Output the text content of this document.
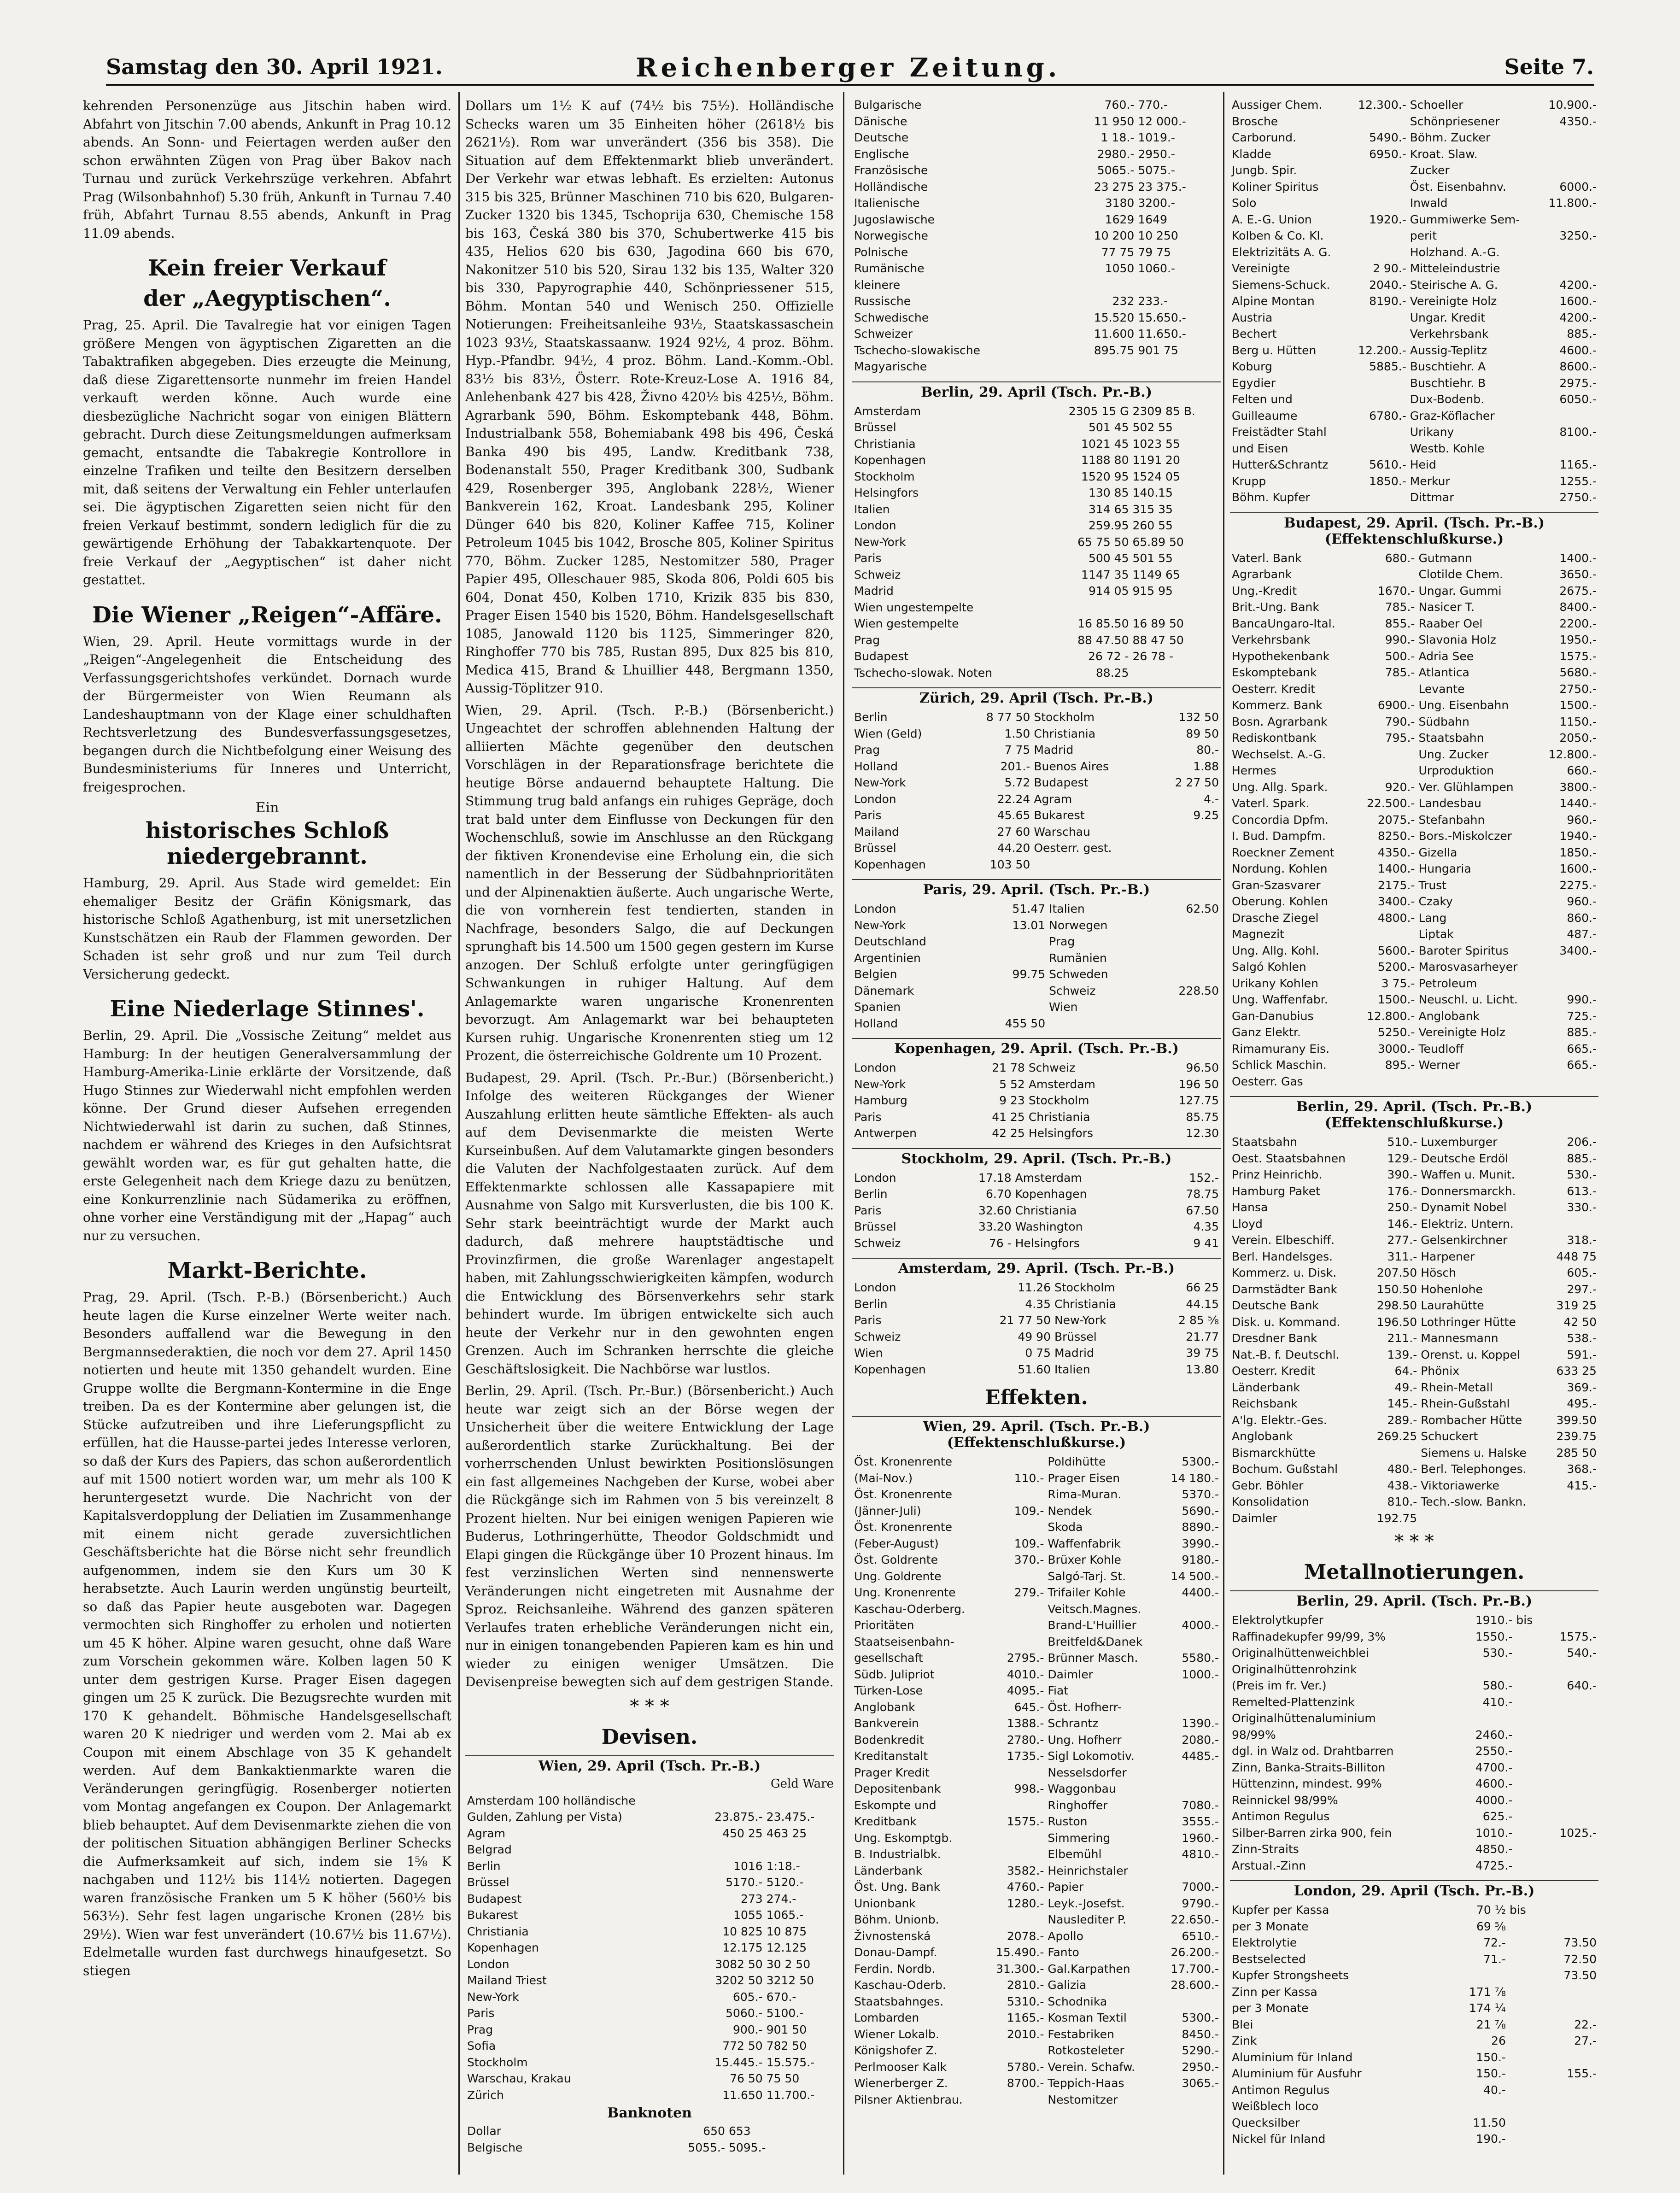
Samstag den 30. April 1921.	Reichenberger Zeitung.	Seite 7.

kehrenden Personenzüge aus Jitschin haben wird. Abfahrt von Jitschin 7.00 abends, Ankunft in Prag 10.12 abends. An Sonn- und Feiertagen werden außer den schon erwähnten Zügen von Prag über Bakov nach Turnau und zurück Verkehrszüge verkehren. Abfahrt Prag (Wilsonbahnhof) 5.30 früh, Ankunft in Turnau 7.40 früh, Abfahrt Turnau 8.55 abends, Ankunft in Prag 11.09 abends.

Kein freier Verkauf
der „Aegyptischen“.

Prag, 25. April. Die Tavalregie hat vor einigen Tagen größere Mengen von ägyptischen Zigaretten an die Tabaktrafiken abgegeben. Dies erzeugte die Meinung, daß diese Zigarettensorte nunmehr im freien Handel verkauft werden könne. Auch wurde eine diesbezügliche Nachricht sogar von einigen Blättern gebracht. Durch diese Zeitungsmeldungen aufmerksam gemacht, entsandte die Tabakregie Kontrollore in einzelne Trafiken und teilte den Besitzern derselben mit, daß seitens der Verwaltung ein Fehler unterlaufen sei. Die ägyptischen Zigaretten seien nicht für den freien Verkauf bestimmt, sondern lediglich für die zu gewärtigende Erhöhung der Tabakkartenquote. Der freie Verkauf der „Aegyptischen“ ist daher nicht gestattet.

Die Wiener „Reigen“-Affäre.

Wien, 29. April. Heute vormittags wurde in der „Reigen“-Angelegenheit die Entscheidung des Verfassungsgerichtshofes verkündet. Dornach wurde der Bürgermeister von Wien Reumann als Landeshauptmann von der Klage einer schuldhaften Rechtsverletzung des Bundesverfassungsgesetzes, begangen durch die Nichtbefolgung einer Weisung des Bundesministeriums für Inneres und Unterricht, freigesprochen.

Ein
historisches Schloß niedergebrannt.

Hamburg, 29. April. Aus Stade wird gemeldet: Ein ehemaliger Besitz der Gräfin Königsmark, das historische Schloß Agathenburg, ist mit unersetzlichen Kunstschätzen ein Raub der Flammen geworden. Der Schaden ist sehr groß und nur zum Teil durch Versicherung gedeckt.

Eine Niederlage Stinnes'.

Berlin, 29. April. Die „Vossische Zeitung“ meldet aus Hamburg: In der heutigen Generalversammlung der Hamburg-Amerika-Linie erklärte der Vorsitzende, daß Hugo Stinnes zur Wiederwahl nicht empfohlen werden könne. Der Grund dieser Aufsehen erregenden Nichtwiederwahl ist darin zu suchen, daß Stinnes, nachdem er während des Krieges in den Aufsichtsrat gewählt worden war, es für gut gehalten hatte, die erste Gelegenheit nach dem Kriege dazu zu benützen, eine Konkurrenzlinie nach Südamerika zu eröffnen, ohne vorher eine Verständigung mit der „Hapag“ auch nur zu versuchen.

Markt-Berichte.

Prag, 29. April. (Tsch. P.-B.) (Börsenbericht.) Auch heute lagen die Kurse einzelner Werte weiter nach. Besonders auffallend war die Bewegung in den Bergmannsederaktien, die noch vor dem 27. April 1450 notierten und heute mit 1350 gehandelt wurden. Eine Gruppe wollte die Bergmann-Kontermine in die Enge treiben. Da es der Kontermine aber gelungen ist, die Stücke aufzutreiben und ihre Lieferungspflicht zu erfüllen, hat die Hausse-partei jedes Interesse verloren, so daß der Kurs des Papiers, das schon außerordentlich auf mit 1500 notiert worden war, um mehr als 100 K heruntergesetzt wurde. Die Nachricht von der Kapitalsverdopplung der Deliatien im Zusammenhange mit einem nicht gerade zuversichtlichen Geschäftsberichte hat die Börse nicht sehr freundlich aufgenommen, indem sie den Kurs um 30 K herabsetzte. Auch Laurin werden ungünstig beurteilt, so daß das Papier heute ausgeboten war. Dagegen vermochten sich Ringhoffer zu erholen und notierten um 45 K höher. Alpine waren gesucht, ohne daß Ware zum Vorschein gekommen wäre. Kolben lagen 50 K unter dem gestrigen Kurse. Prager Eisen dagegen gingen um 25 K zurück. Die Bezugsrechte wurden mit 170 K gehandelt. Böhmische Handelsgesellschaft waren 20 K niedriger und werden vom 2. Mai ab ex Coupon mit einem Abschlage von 35 K gehandelt werden. Auf dem Bankaktienmarkte waren die Veränderungen geringfügig. Rosenberger notierten vom Montag angefangen ex Coupon. Der Anlagemarkt blieb behauptet. Auf dem Devisenmarkte ziehen die von der politischen Situation abhängigen Berliner Schecks die Aufmerksamkeit auf sich, indem sie 1⅝ K nachgaben und 112½ bis 114½ notierten. Dagegen waren französische Franken um 5 K höher (560½ bis 563½). Sehr fest lagen ungarische Kronen (28½ bis 29½). Wien war fest unverändert (10.67½ bis 11.67½). Edelmetalle wurden fast durchwegs hinaufgesetzt. So stiegen

Dollars um 1½ K auf (74½ bis 75½). Holländische Schecks waren um 35 Einheiten höher (2618½ bis 2621½). Rom war unverändert (356 bis 358). Die Situation auf dem Effektenmarkt blieb unverändert. Der Verkehr war etwas lebhaft. Es erzielten: Autonus 315 bis 325, Brünner Maschinen 710 bis 620, Bulgaren-Zucker 1320 bis 1345, Tschoprija 630, Chemische 158 bis 163, Česká 380 bis 370, Schubertwerke 415 bis 435, Helios 620 bis 630, Jagodina 660 bis 670, Nakonitzer 510 bis 520, Sirau 132 bis 135, Walter 320 bis 330, Papyrographie 440, Schönpriessener 515, Böhm. Montan 540 und Wenisch 250. Offizielle Notierungen: Freiheitsanleihe 93½, Staatskassaschein 1023 93½, Staatskassaanw. 1924 92½, 4 proz. Böhm. Hyp.-Pfandbr. 94½, 4 proz. Böhm. Land.-Komm.-Obl. 83½ bis 83½, Österr. Rote-Kreuz-Lose A. 1916 84, Anlehenbank 427 bis 428, Živno 420½ bis 425½, Böhm. Agrarbank 590, Böhm. Eskomptebank 448, Böhm. Industrialbank 558, Bohemiabank 498 bis 496, Česká Banka 490 bis 495, Landw. Kreditbank 738, Bodenanstalt 550, Prager Kreditbank 300, Sudbank 429, Rosenberger 395, Anglobank 228½, Wiener Bankverein 162, Kroat. Landesbank 295, Koliner Dünger 640 bis 820, Koliner Kaffee 715, Koliner Petroleum 1045 bis 1042, Brosche 805, Koliner Spiritus 770, Böhm. Zucker 1285, Nestomitzer 580, Prager Papier 495, Olleschauer 985, Skoda 806, Poldi 605 bis 604, Donat 450, Kolben 1710, Krizik 835 bis 830, Prager Eisen 1540 bis 1520, Böhm. Handelsgesellschaft 1085, Janowald 1120 bis 1125, Simmeringer 820, Ringhoffer 770 bis 785, Rustan 895, Dux 825 bis 810, Medica 415, Brand & Lhuillier 448, Bergmann 1350, Aussig-Töplitzer 910.

Wien, 29. April. (Tsch. P.-B.) (Börsenbericht.) Ungeachtet der schroffen ablehnenden Haltung der alliierten Mächte gegenüber den deutschen Vorschlägen in der Reparationsfrage berichtete die heutige Börse andauernd behauptete Haltung. Die Stimmung trug bald anfangs ein ruhiges Gepräge, doch trat bald unter dem Einflusse von Deckungen für den Wochenschluß, sowie im Anschlusse an den Rückgang der fiktiven Kronendevise eine Erholung ein, die sich namentlich in der Besserung der Südbahnprioritäten und der Alpinenaktien äußerte. Auch ungarische Werte, die von vornherein fest tendierten, standen in Nachfrage, besonders Salgo, die auf Deckungen sprunghaft bis 14.500 um 1500 gegen gestern im Kurse anzogen. Der Schluß erfolgte unter geringfügigen Schwankungen in ruhiger Haltung. Auf dem Anlagemarkte waren ungarische Kronenrenten bevorzugt. Am Anlagemarkt war bei behaupteten Kursen ruhig. Ungarische Kronenrenten stieg um 12 Prozent, die österreichische Goldrente um 10 Prozent.

Budapest, 29. April. (Tsch. Pr.-Bur.) (Börsenbericht.) Infolge des weiteren Rückganges der Wiener Auszahlung erlitten heute sämtliche Effekten- als auch auf dem Devisenmarkte die meisten Werte Kurseinbußen. Auf dem Valutamarkte gingen besonders die Valuten der Nachfolgestaaten zurück. Auf dem Effektenmarkte schlossen alle Kassapapiere mit Ausnahme von Salgo mit Kursverlusten, die bis 100 K. Sehr stark beeinträchtigt wurde der Markt auch dadurch, daß mehrere hauptstädtische und Provinzfirmen, die große Warenlager angestapelt haben, mit Zahlungsschwierigkeiten kämpfen, wodurch die Entwicklung des Börsenverkehrs sehr stark behindert wurde. Im übrigen entwickelte sich auch heute der Verkehr nur in den gewohnten engen Grenzen. Auch im Schranken herrschte die gleiche Geschäftslosigkeit. Die Nachbörse war lustlos.

Berlin, 29. April. (Tsch. Pr.-Bur.) (Börsenbericht.) Auch heute war zeigt sich an der Börse wegen der Unsicherheit über die weitere Entwicklung der Lage außerordentlich starke Zurückhaltung. Bei der vorherrschenden Unlust bewirkten Positionslösungen ein fast allgemeines Nachgeben der Kurse, wobei aber die Rückgänge sich im Rahmen von 5 bis vereinzelt 8 Prozent hielten. Nur bei einigen wenigen Papieren wie Buderus, Lothringerhütte, Theodor Goldschmidt und Elapi gingen die Rückgänge über 10 Prozent hinaus. Im fest verzinslichen Werten sind nennenswerte Veränderungen nicht eingetreten mit Ausnahme der Sproz. Reichsanleihe. Während des ganzen späteren Verlaufes traten erhebliche Veränderungen nicht ein, nur in einigen tonangebenden Papieren kam es hin und wieder zu einigen weniger Umsätzen. Die Devisenpreise bewegten sich auf dem gestrigen Stande.

* * *
Devisen.
Wien, 29. April (Tsch. Pr.-B.)
Geld Ware
Amsterdam 100 holländische		
Gulden, Zahlung per Vista)	23.875.-	23.475.-
Agram	450 25	463 25
Belgrad		
Berlin	1016	1:18.-
Brüssel	5170.-	5120.-
Budapest	273	274.-
Bukarest	1055	1065.-
Christiania	10 825	10 875
Kopenhagen	12.175	12.125
London	3082 50	30 2 50
Mailand Triest	3202 50	3212 50
New-York	605.-	670.-
Paris	5060.-	5100.-
Prag	900.-	901 50
Sofia	772 50	782 50
Stockholm	15.445.-	15.575.-
Warschau, Krakau	76 50	75 50
Zürich	11.650	11.700.-
Banknoten
Dollar	650	653
Belgische	5055.-	5095.-
Bulgarische	760.-	770.-
Dänische	11 950	12 000.-
Deutsche	1 18.-	1019.-
Englische	2980.-	2950.-
Französische	5065.-	5075.-
Holländische	23 275	23 375.-
Italienische	3180	3200.-
Jugoslawische	1629	1649
Norwegische	10 200	10 250
Polnische	77 75	79 75
Rumänische	1050	1060.-
kleinere		
Russische	232	233.-
Schwedische	15.520	15.650.-
Schweizer	11.600	11.650.-
Tschecho-slowakische	895.75	901 75
Magyarische		
Berlin, 29. April (Tsch. Pr.-B.)
Amsterdam	2305 15 G	2309 85 B.
Brüssel	501 45	502 55
Christiania	1021 45	1023 55
Kopenhagen	1188 80	1191 20
Stockholm	1520 95	1524 05
Helsingfors	130 85	140.15
Italien	314 65	315 35
London	259.95	260 55
New-York	65 75 50	65.89 50
Paris	500 45	501 55
Schweiz	1147 35	1149 65
Madrid	914 05	915 95
Wien ungestempelte		
Wien gestempelte	16 85.50	16 89 50
Prag	88 47.50	88 47 50
Budapest	26 72 -	26 78 -
Tschecho-slowak. Noten	88.25	
Zürich, 29. April (Tsch. Pr.-B.)
Berlin	8 77 50	Stockholm	132 50
Wien (Geld)	1.50	Christiania	89 50
Prag	7 75	Madrid	80.-
Holland	201.-	Buenos Aires	1.88
New-York	5.72	Budapest	2 27 50
London	22.24	Agram	4.-
Paris	45.65	Bukarest	9.25
Mailand	27 60	Warschau	
Brüssel	44.20	Oesterr. gest.	
Kopenhagen	103 50		
Paris, 29. April. (Tsch. Pr.-B.)
London	51.47	Italien	62.50
New-York	13.01	Norwegen	
Deutschland		Prag	
Argentinien		Rumänien	
Belgien	99.75	Schweden	
Dänemark		Schweiz	228.50
Spanien		Wien	
Holland	455 50		
Kopenhagen, 29. April. (Tsch. Pr.-B.)
London	21 78	Schweiz	96.50
New-York	5 52	Amsterdam	196 50
Hamburg	9 23	Stockholm	127.75
Paris	41 25	Christiania	85.75
Antwerpen	42 25	Helsingfors	12.30
Stockholm, 29. April. (Tsch. Pr.-B.)
London	17.18	Amsterdam	152.-
Berlin	6.70	Kopenhagen	78.75
Paris	32.60	Christiania	67.50
Brüssel	33.20	Washington	4.35
Schweiz	76 -	Helsingfors	9 41
Amsterdam, 29. April. (Tsch. Pr.-B.)
London	11.26	Stockholm	66 25
Berlin	4.35	Christiania	44.15
Paris	21 77 50	New-York	2 85 ⅝
Schweiz	49 90	Brüssel	21.77
Wien	0 75	Madrid	39 75
Kopenhagen	51.60	Italien	13.80
Effekten.
Wien, 29. April. (Tsch. Pr.-B.) (Effektenschlußkurse.)
Öst. Kronenrente		Poldihütte	5300.-
(Mai-Nov.)	110.-	Prager Eisen	14 180.-
Öst. Kronenrente		Rima-Muran.	5370.-
(Jänner-Juli)	109.-	Nendek	5690.-
Öst. Kronenrente		Skoda	8890.-
(Feber-August)	109.-	Waffenfabrik	3990.-
Öst. Goldrente	370.-	Brüxer Kohle	9180.-
Ung. Goldrente		Salgó-Tarj. St.	14 500.-
Ung. Kronenrente	279.-	Trifailer Kohle	4400.-
Kaschau-Oderberg.		Veitsch.Magnes.	
Prioritäten		Brand-L'Huillier	4000.-
Staatseisenbahn-		Breitfeld&Danek	
gesellschaft	2795.-	Brünner Masch.	5580.-
Südb. Julipriot	4010.-	Daimler	1000.-
Türken-Lose	4095.-	Fiat	
Anglobank	645.-	Öst. Hofherr-	
Bankverein	1388.-	Schrantz	1390.-
Bodenkredit	2780.-	Ung. Hofherr	2080.-
Kreditanstalt	1735.-	Sigl Lokomotiv.	4485.-
Prager Kredit		Nesselsdorfer	
Depositenbank	998.-	Waggonbau	
Eskompte und		Ringhoffer	7080.-
Kreditbank	1575.-	Ruston	3555.-
Ung. Eskomptgb.		Simmering	1960.-
B. Industrialbk.		Elbemühl	4810.-
Länderbank	3582.-	Heinrichstaler	
Öst. Ung. Bank	4760.-	Papier	7000.-
Unionbank	1280.-	Leyk.-Josefst.	9790.-
Böhm. Unionb.		Nauslediter P.	22.650.-
Živnostenská	2078.-	Apollo	6510.-
Donau-Dampf.	15.490.-	Fanto	26.200.-
Ferdin. Nordb.	31.300.-	Gal.Karpathen	17.700.-
Kaschau-Oderb.	2810.-	Galizia	28.600.-
Staatsbahnges.	5310.-	Schodnika	
Lombarden	1165.-	Kosman Textil	5300.-
Wiener Lokalb.	2010.-	Festabriken	8450.-
Königshofer Z.		Rotkosteleter	5290.-
Perlmooser Kalk	5780.-	Verein. Schafw.	2950.-
Wienerberger Z.	8700.-	Teppich-Haas	3065.-
Pilsner Aktienbrau.		Nestomitzer	
Aussiger Chem.	12.300.-	Schoeller	10.900.-
Brosche		Schönpriesener	4350.-
Carborund.	5490.-	Böhm. Zucker	
Kladde	6950.-	Kroat. Slaw.	
Jungb. Spir.		Zucker	
Koliner Spiritus		Öst. Eisenbahnv.	6000.-
Solo		Inwald	11.800.-
A. E.-G. Union	1920.-	Gummiwerke Sem-	
Kolben & Co. Kl.		perit	3250.-
Elektrizitäts A. G.		Holzhand. A.-G.	
Vereinigte	2 90.-	Mitteleindustrie	
Siemens-Schuck.	2040.-	Steirische A. G.	4200.-
Alpine Montan	8190.-	Vereinigte Holz	1600.-
Austria		Ungar. Kredit	4200.-
Bechert		Verkehrsbank	885.-
Berg u. Hütten	12.200.-	Aussig-Teplitz	4600.-
Koburg	5885.-	Buschtiehr. A	8600.-
Egydier		Buschtiehr. B	2975.-
Felten und		Dux-Bodenb.	6050.-
Guilleaume	6780.-	Graz-Köflacher	
Freistädter Stahl		Urikany	8100.-
und Eisen		Westb. Kohle	
Hutter&Schrantz	5610.-	Heid	1165.-
Krupp	1850.-	Merkur	1255.-
Böhm. Kupfer		Dittmar	2750.-
Budapest, 29. April. (Tsch. Pr.-B.) (Effektenschlußkurse.)
Vaterl. Bank	680.-	Gutmann	1400.-
Agrarbank		Clotilde Chem.	3650.-
Ung.-Kredit	1670.-	Ungar. Gummi	2675.-
Brit.-Ung. Bank	785.-	Nasicer T.	8400.-
BancaUngaro-Ital.	855.-	Raaber Oel	2200.-
Verkehrsbank	990.-	Slavonia Holz	1950.-
Hypothekenbank	500.-	Adria See	1575.-
Eskomptebank	785.-	Atlantica	5680.-
Oesterr. Kredit		Levante	2750.-
Kommerz. Bank	6900.-	Ung. Eisenbahn	1500.-
Bosn. Agrarbank	790.-	Südbahn	1150.-
Rediskontbank	795.-	Staatsbahn	2050.-
Wechselst. A.-G.		Ung. Zucker	12.800.-
Hermes		Urproduktion	660.-
Ung. Allg. Spark.	920.-	Ver. Glühlampen	3800.-
Vaterl. Spark.	22.500.-	Landesbau	1440.-
Concordia Dpfm.	2075.-	Stefanbahn	960.-
I. Bud. Dampfm.	8250.-	Bors.-Miskolczer	1940.-
Roeckner Zement	4350.-	Gizella	1850.-
Nordung. Kohlen	1400.-	Hungaria	1600.-
Gran-Szasvarer	2175.-	Trust	2275.-
Oberung. Kohlen	3400.-	Czaky	960.-
Drasche Ziegel	4800.-	Lang	860.-
Magnezit		Liptak	487.-
Ung. Allg. Kohl.	5600.-	Baroter Spiritus	3400.-
Salgó Kohlen	5200.-	Marosvasarheyer	
Urikany Kohlen	3 75.-	Petroleum	
Ung. Waffenfabr.	1500.-	Neuschl. u. Licht.	990.-
Gan-Danubius	12.800.-	Anglobank	725.-
Ganz Elektr.	5250.-	Vereinigte Holz	885.-
Rimamurany Eis.	3000.-	Teudloff	665.-
Schlick Maschin.	895.-	Werner	665.-
Oesterr. Gas			
Berlin, 29. April. (Tsch. Pr.-B.) (Effektenschlußkurse.)
Staatsbahn	510.-	Luxemburger	206.-
Oest. Staatsbahnen	129.-	Deutsche Erdöl	885.-
Prinz Heinrichb.	390.-	Waffen u. Munit.	530.-
Hamburg Paket	176.-	Donnersmarckh.	613.-
Hansa	250.-	Dynamit Nobel	330.-
Lloyd	146.-	Elektriz. Untern.	
Verein. Elbeschiff.	277.-	Gelsenkirchner	318.-
Berl. Handelsges.	311.-	Harpener	448 75
Kommerz. u. Disk.	207.50	Hösch	605.-
Darmstädter Bank	150.50	Hohenlohe	297.-
Deutsche Bank	298.50	Laurahütte	319 25
Disk. u. Kommand.	196.50	Lothringer Hütte	42 50
Dresdner Bank	211.-	Mannesmann	538.-
Nat.-B. f. Deutschl.	139.-	Orenst. u. Koppel	591.-
Oesterr. Kredit	64.-	Phönix	633 25
Länderbank	49.-	Rhein-Metall	369.-
Reichsbank	145.-	Rhein-Gußstahl	495.-
A'lg. Elektr.-Ges.	289.-	Rombacher Hütte	399.50
Anglobank	269.25	Schuckert	239.75
Bismarckhütte		Siemens u. Halske	285 50
Bochum. Gußstahl	480.-	Berl. Telephonges.	368.-
Gebr. Böhler	438.-	Viktoriawerke	415.-
Konsolidation	810.-	Tech.-slow. Bankn.	
Daimler	192.75		
* * *
Metallnotierungen.
Berlin, 29. April. (Tsch. Pr.-B.)
Elektrolytkupfer	1910.-	bis	
Raffinadekupfer 99/99, 3%	1550.-		1575.-
Originalhüttenweichblei	530.-		540.-
Originalhüttenrohzink			
(Preis im fr. Ver.)	580.-		640.-
Remelted-Plattenzink	410.-		
Originalhüttenaluminium			
98/99%	2460.-		
dgl. in Walz od. Drahtbarren	2550.-		
Zinn, Banka-Straits-Billiton	4700.-		
Hüttenzinn, mindest. 99%	4600.-		
Reinnickel 98/99%	4000.-		
Antimon Regulus	625.-		
Silber-Barren zirka 900, fein	1010.-		1025.-
Zinn-Straits	4850.-		
Arstual.-Zinn	4725.-		
London, 29. April (Tsch. Pr.-B.)
Kupfer per Kassa	70 ½	bis	
per 3 Monate	69 ⅝		
Elektrolytie	72.-		73.50
Bestselected	71.-		72.50
Kupfer Strongsheets			73.50
Zinn per Kassa	171 ⅞		
per 3 Monate	174 ¼		
Blei	21 ⅞		22.-
Zink	26		27.-
Aluminium für Inland	150.-		
Aluminium für Ausfuhr	150.-		155.-
Antimon Regulus	40.-		
Weißblech loco			
Quecksilber	11.50		
Nickel für Inland	190.-		
